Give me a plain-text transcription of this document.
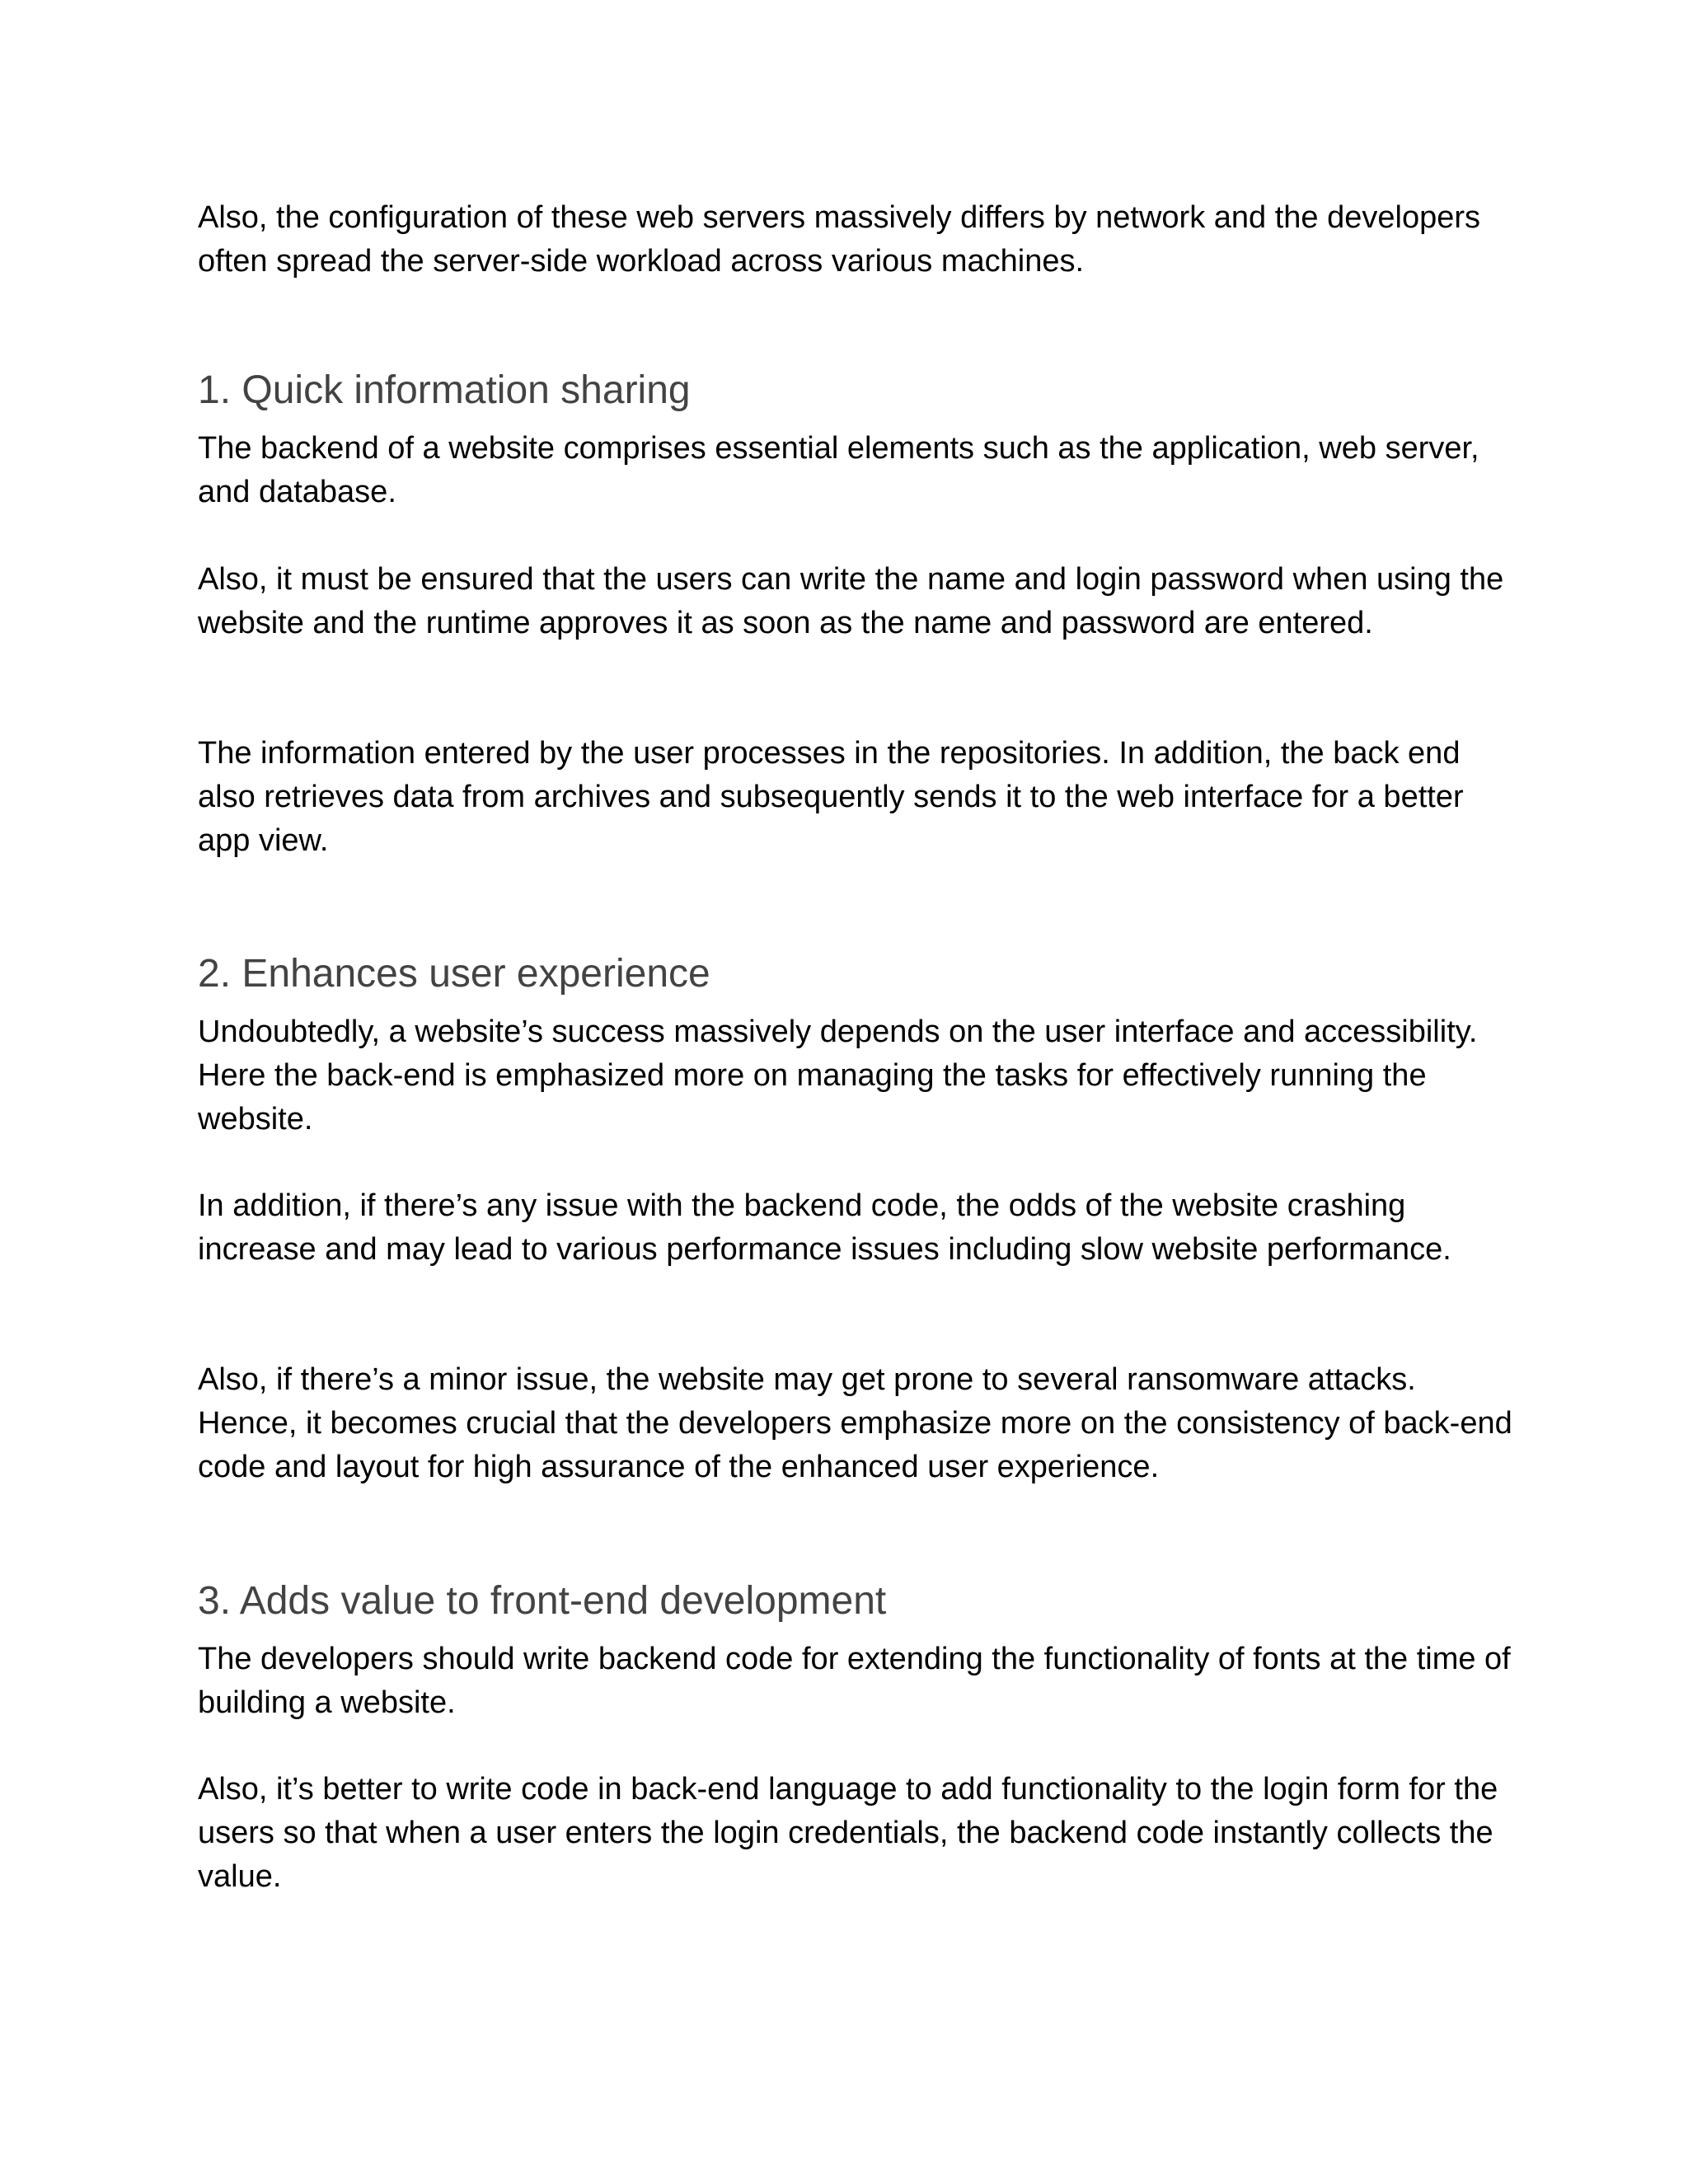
Also, the configuration of these web servers massively differs by network and the developers often spread the server-side workload across various machines.

1. Quick information sharing

The backend of a website comprises essential elements such as the application, web server, and database.

Also, it must be ensured that the users can write the name and login password when using the website and the runtime approves it as soon as the name and password are entered.

The information entered by the user processes in the repositories. In addition, the back end also retrieves data from archives and subsequently sends it to the web interface for a better app view.

2. Enhances user experience

Undoubtedly, a website’s success massively depends on the user interface and accessibility. Here the back-end is emphasized more on managing the tasks for effectively running the website.

In addition, if there’s any issue with the backend code, the odds of the website crashing increase and may lead to various performance issues including slow website performance.

Also, if there’s a minor issue, the website may get prone to several ransomware attacks. Hence, it becomes crucial that the developers emphasize more on the consistency of back-end code and layout for high assurance of the enhanced user experience.

3. Adds value to front-end development

The developers should write backend code for extending the functionality of fonts at the time of building a website.

Also, it’s better to write code in back-end language to add functionality to the login form for the users so that when a user enters the login credentials, the backend code instantly collects the value.
